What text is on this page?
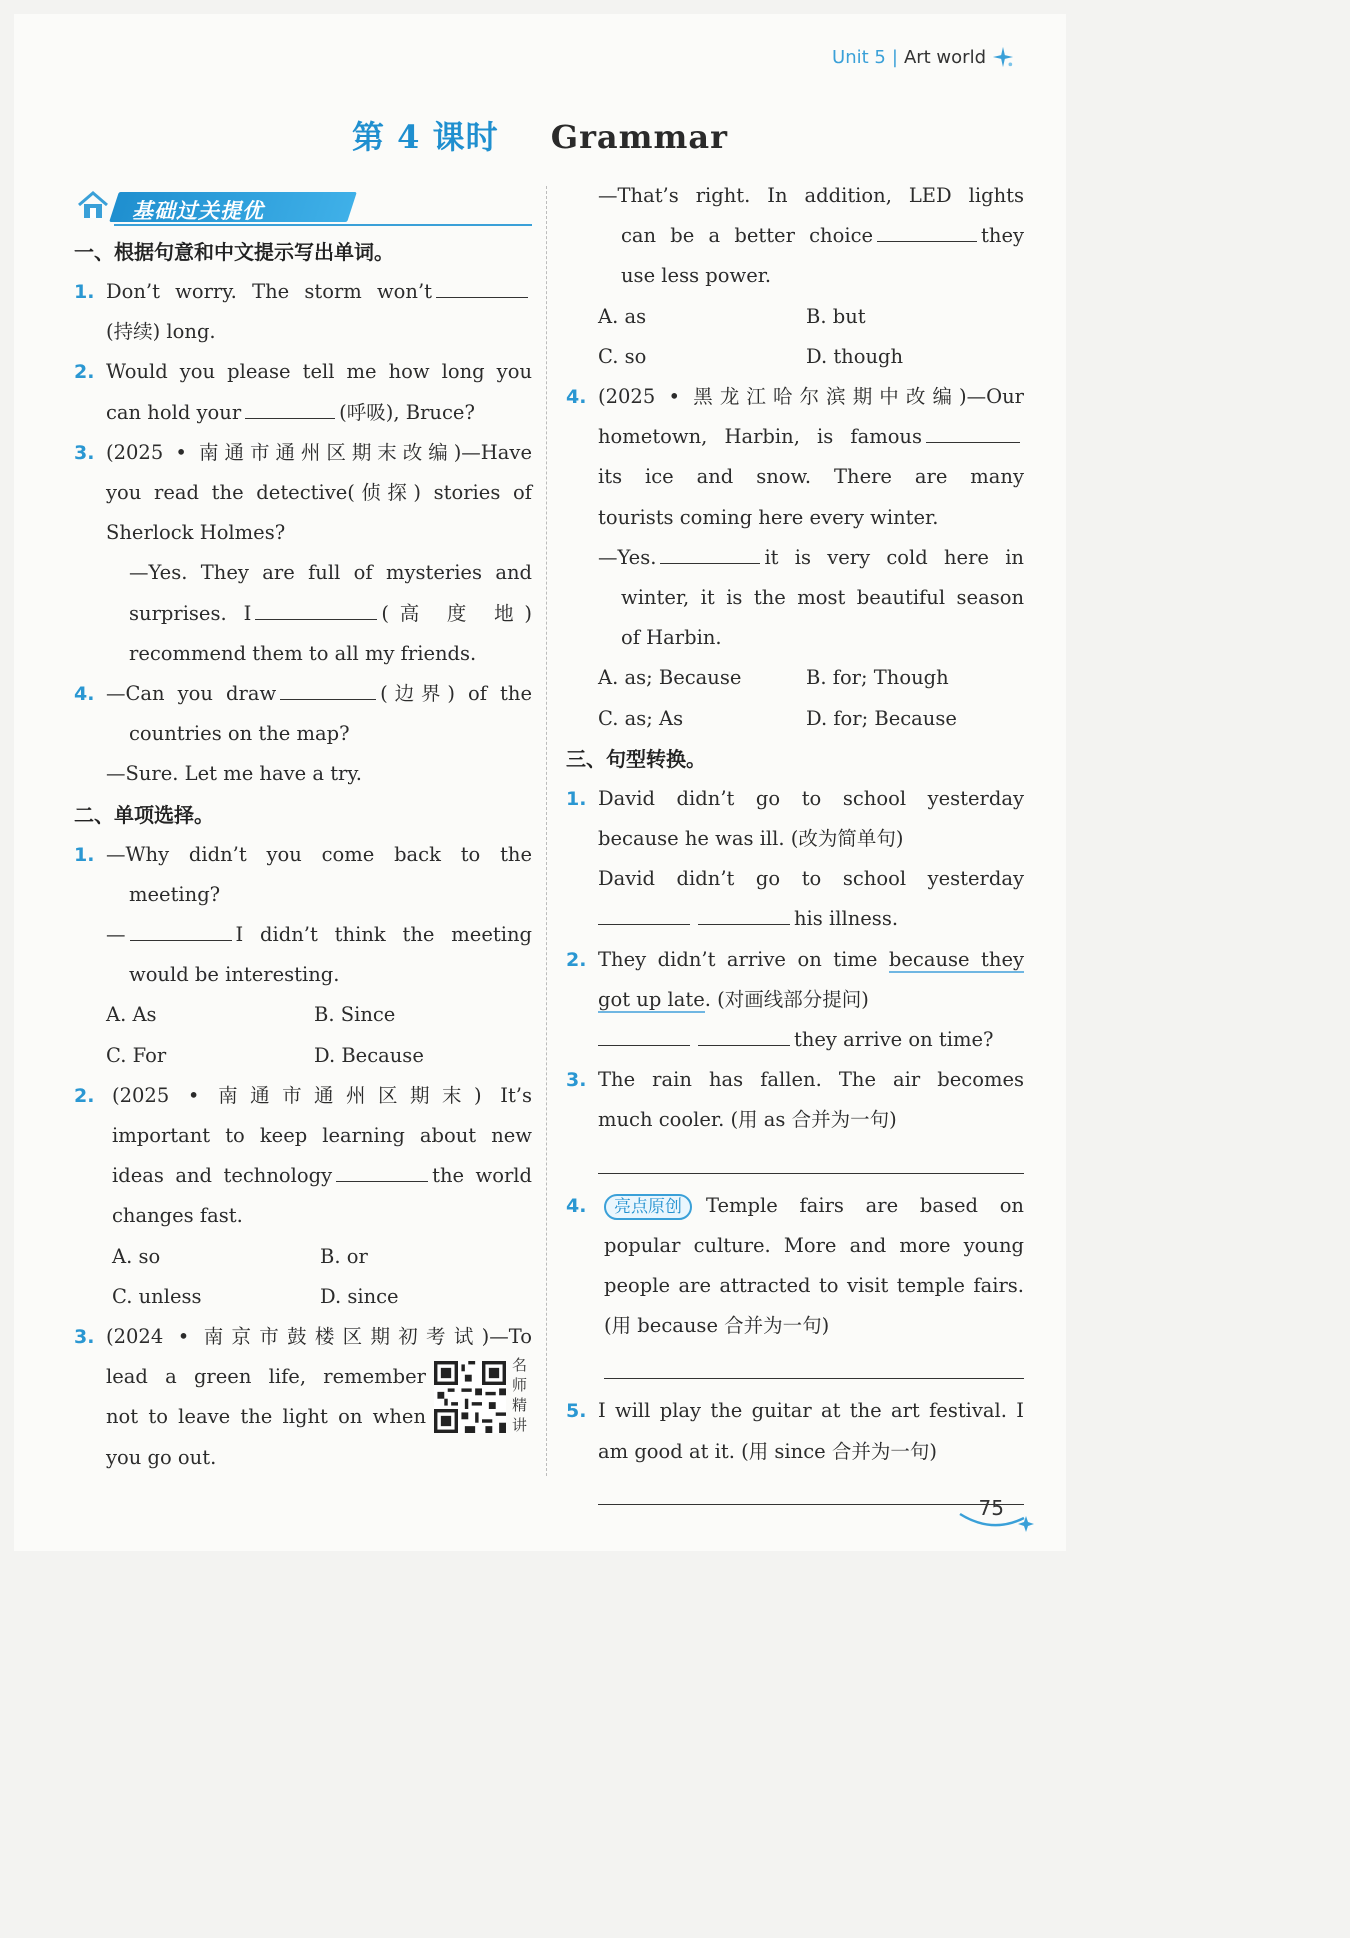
Unit 5 | Art world
第 4 课时 Grammar
基础过关提优
一、根据句意和中文提示写出单词。
1. Don’t worry. The storm won’t
(持续) long.
2. Would you please tell me how long you
can hold your	(呼吸), Bruce?
3. (2025 • 南通市通州区期末改编)—Have
you read the detective(侦探) stories of
Sherlock Holmes?
—Yes. They are full of mysteries and
surprises. I	(高 度 地)
recommend them to all my friends.
4. —Can you draw	(边界) of the
countries on the map?
—Sure. Let me have a try.
二、单项选择。
1. —Why didn’t you come back to the
meeting?
—	I didn’t think the meeting
would be interesting.
A. As	B. Since
C. For	D. Because
2. (2025 • 南通市通州区期末) It’s
important to keep learning about new
ideas and technology	the world
changes fast.
A. so	B. or
C. unless	D. since
3. (2024 • 南京市鼓楼区期初考试)—To
lead a green life, remember
not to leave the light on when
名师精讲
you go out.
—That’s right. In addition, LED lights
can be a better choice	they
use less power.
A. as	B. but
C. so	D. though
4. (2025 • 黑龙江哈尔滨期中改编)—Our
hometown, Harbin, is famous
its ice and snow. There are many
tourists coming here every winter.
—Yes.	it is very cold here in
winter, it is the most beautiful season
of Harbin.
A. as; Because	B. for; Though
C. as; As	D. for; Because
三、句型转换。
1. David didn’t go to school yesterday
because he was ill. (改为简单句)
David didn’t go to school yesterday
his illness.
2. They didn’t arrive on time because they
got up late. (对画线部分提问)
they arrive on time?
3. The rain has fallen. The air becomes
much cooler. (用 as 合并为一句)
4.	亮点原创 Temple fairs are based on
popular culture. More and more young
people are attracted to visit temple fairs.
(用 because 合并为一句)
5. I will play the guitar at the art festival. I
am good at it. (用 since 合并为一句)
75
